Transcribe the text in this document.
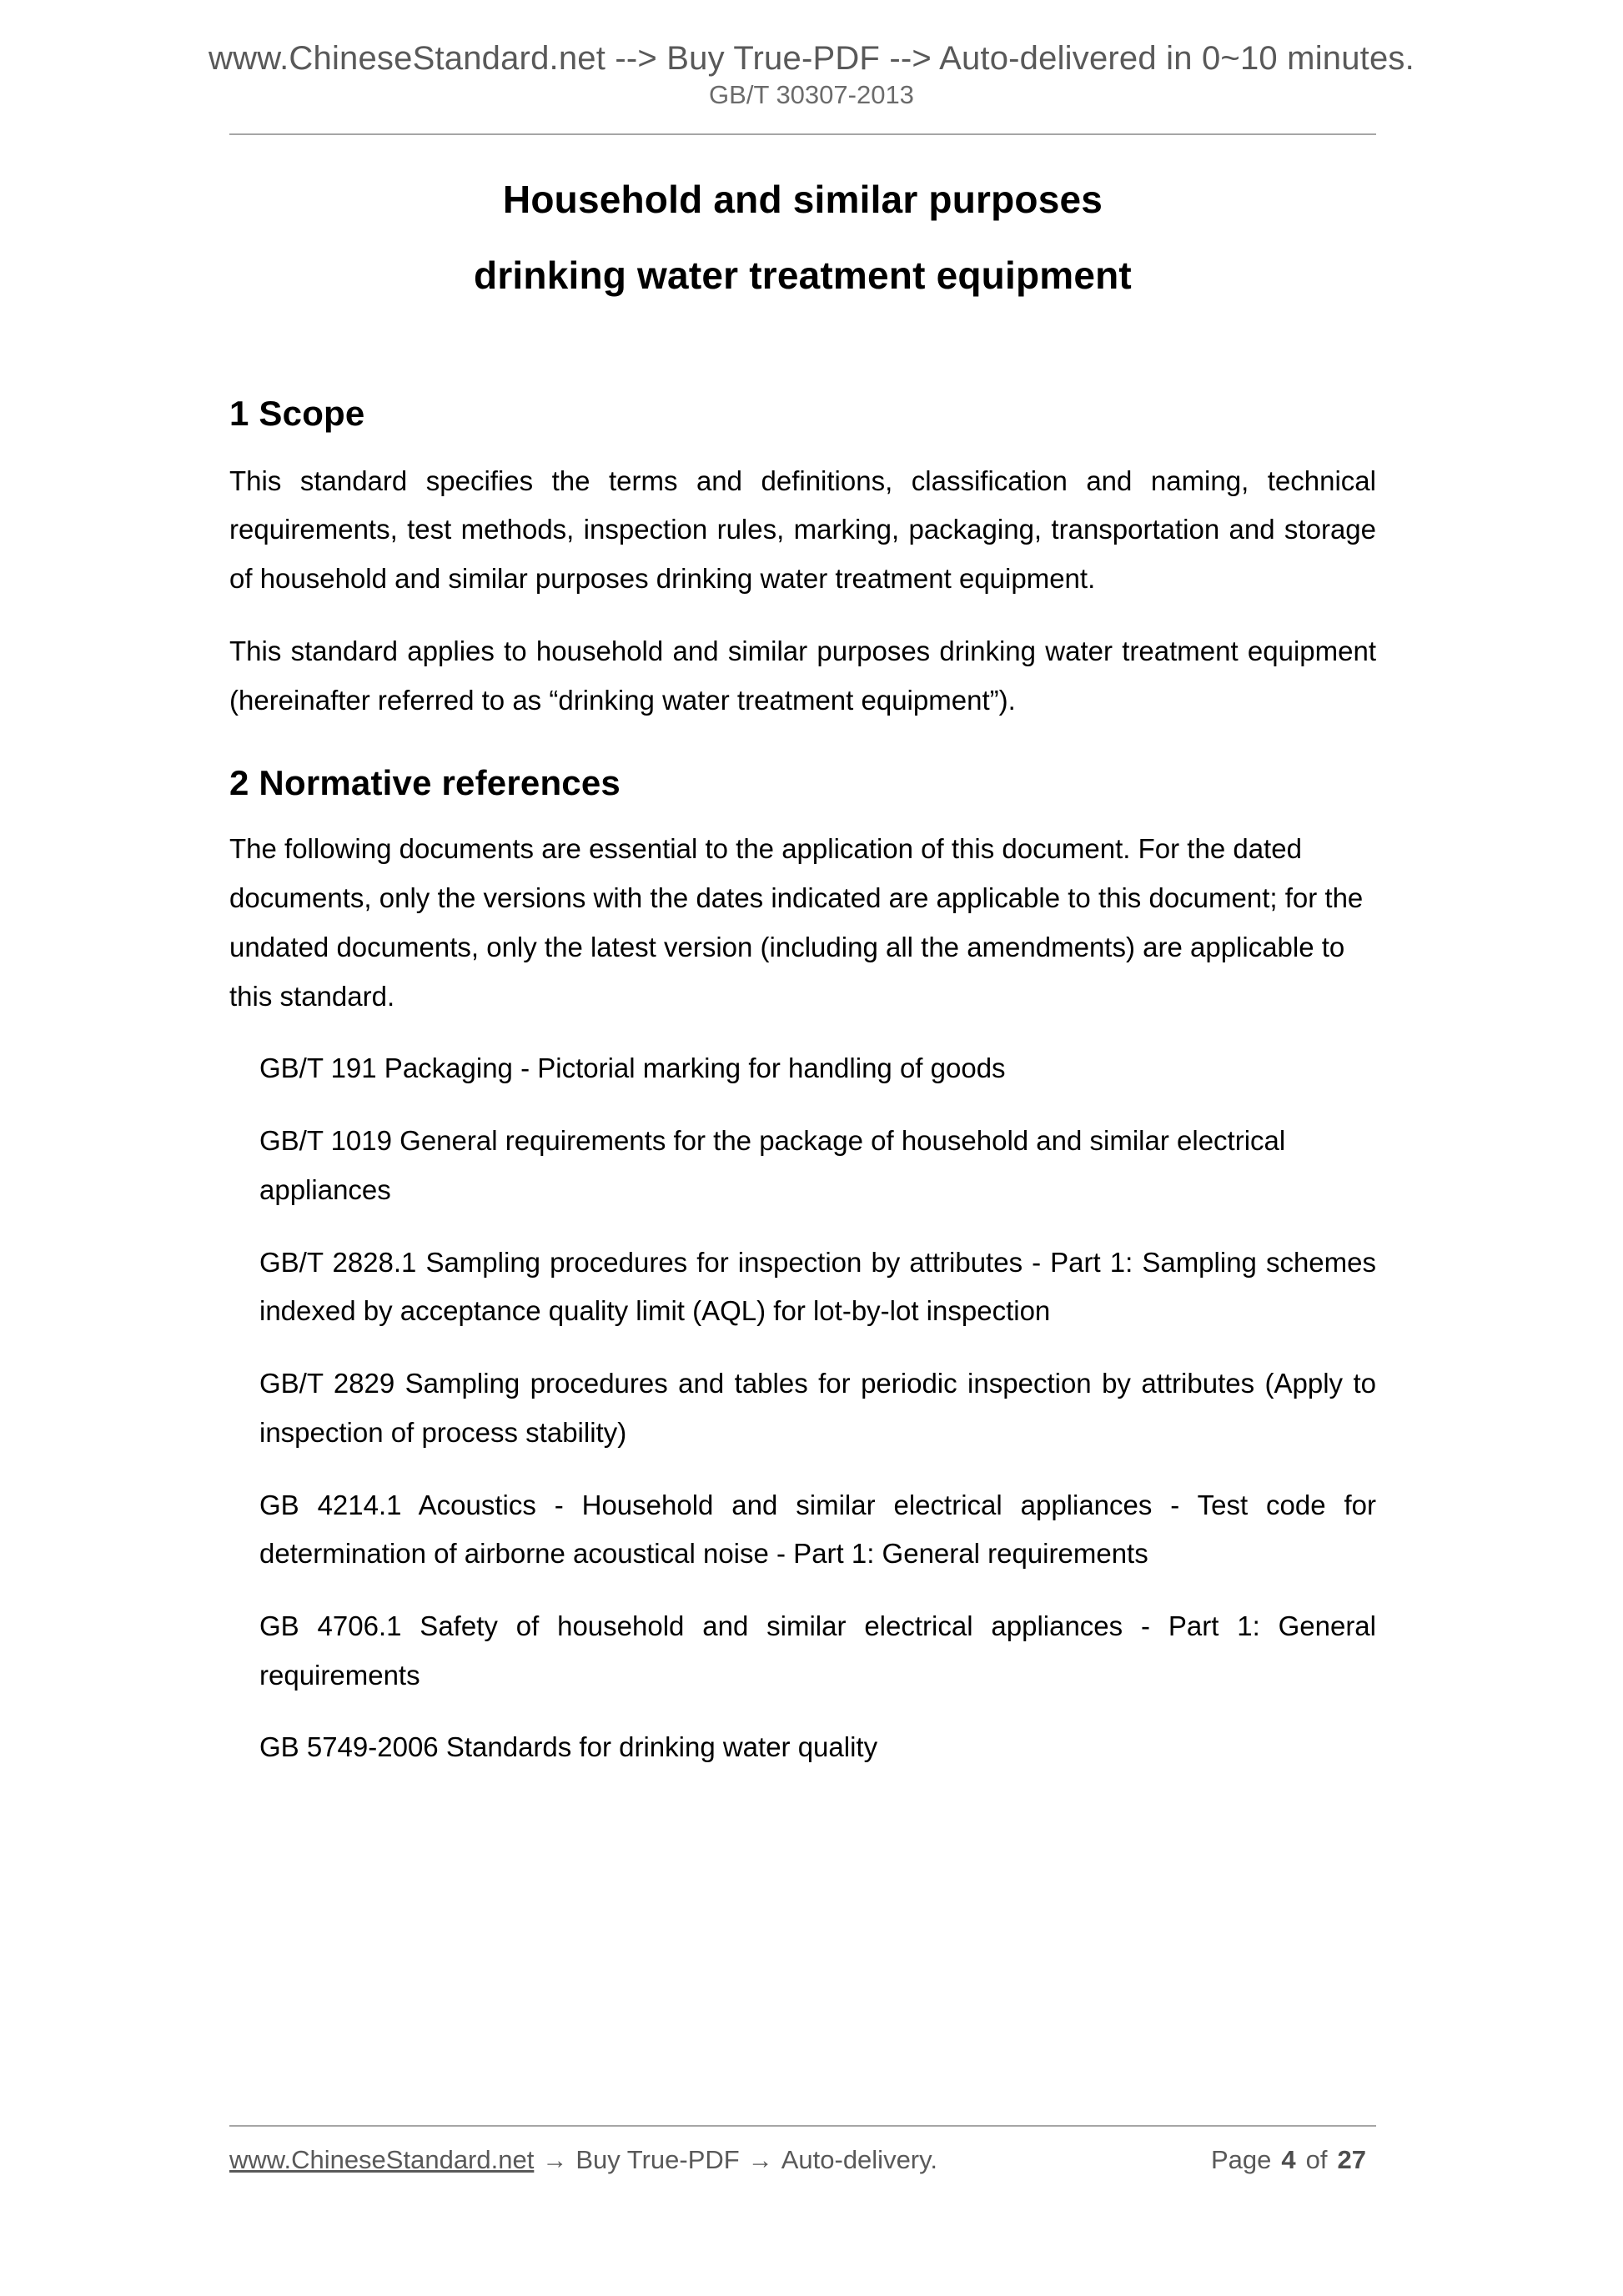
www.ChineseStandard.net --> Buy True-PDF --> Auto-delivered in 0~10 minutes.
GB/T 30307-2013
Household and similar purposes
drinking water treatment equipment
1 Scope

This standard specifies the terms and definitions, classification and naming, technical requirements, test methods, inspection rules, marking, packaging, transportation and storage of household and similar purposes drinking water treatment equipment.

This standard applies to household and similar purposes drinking water treatment equipment (hereinafter referred to as “drinking water treatment equipment”).

2 Normative references

The following documents are essential to the application of this document. For the dated documents, only the versions with the dates indicated are applicable to this document; for the undated documents, only the latest version (including all the amendments) are applicable to this standard.

GB/T 191 Packaging - Pictorial marking for handling of goods
GB/T 1019 General requirements for the package of household and similar electrical appliances
GB/T 2828.1 Sampling procedures for inspection by attributes - Part 1: Sampling schemes indexed by acceptance quality limit (AQL) for lot-by-lot inspection
GB/T 2829 Sampling procedures and tables for periodic inspection by attributes (Apply to inspection of process stability)
GB 4214.1 Acoustics - Household and similar electrical appliances - Test code for determination of airborne acoustical noise - Part 1: General requirements
GB 4706.1 Safety of household and similar electrical appliances - Part 1: General requirements
GB 5749-2006 Standards for drinking water quality
www.ChineseStandard.net → Buy True-PDF → Auto-delivery.	Page 4 of 27
